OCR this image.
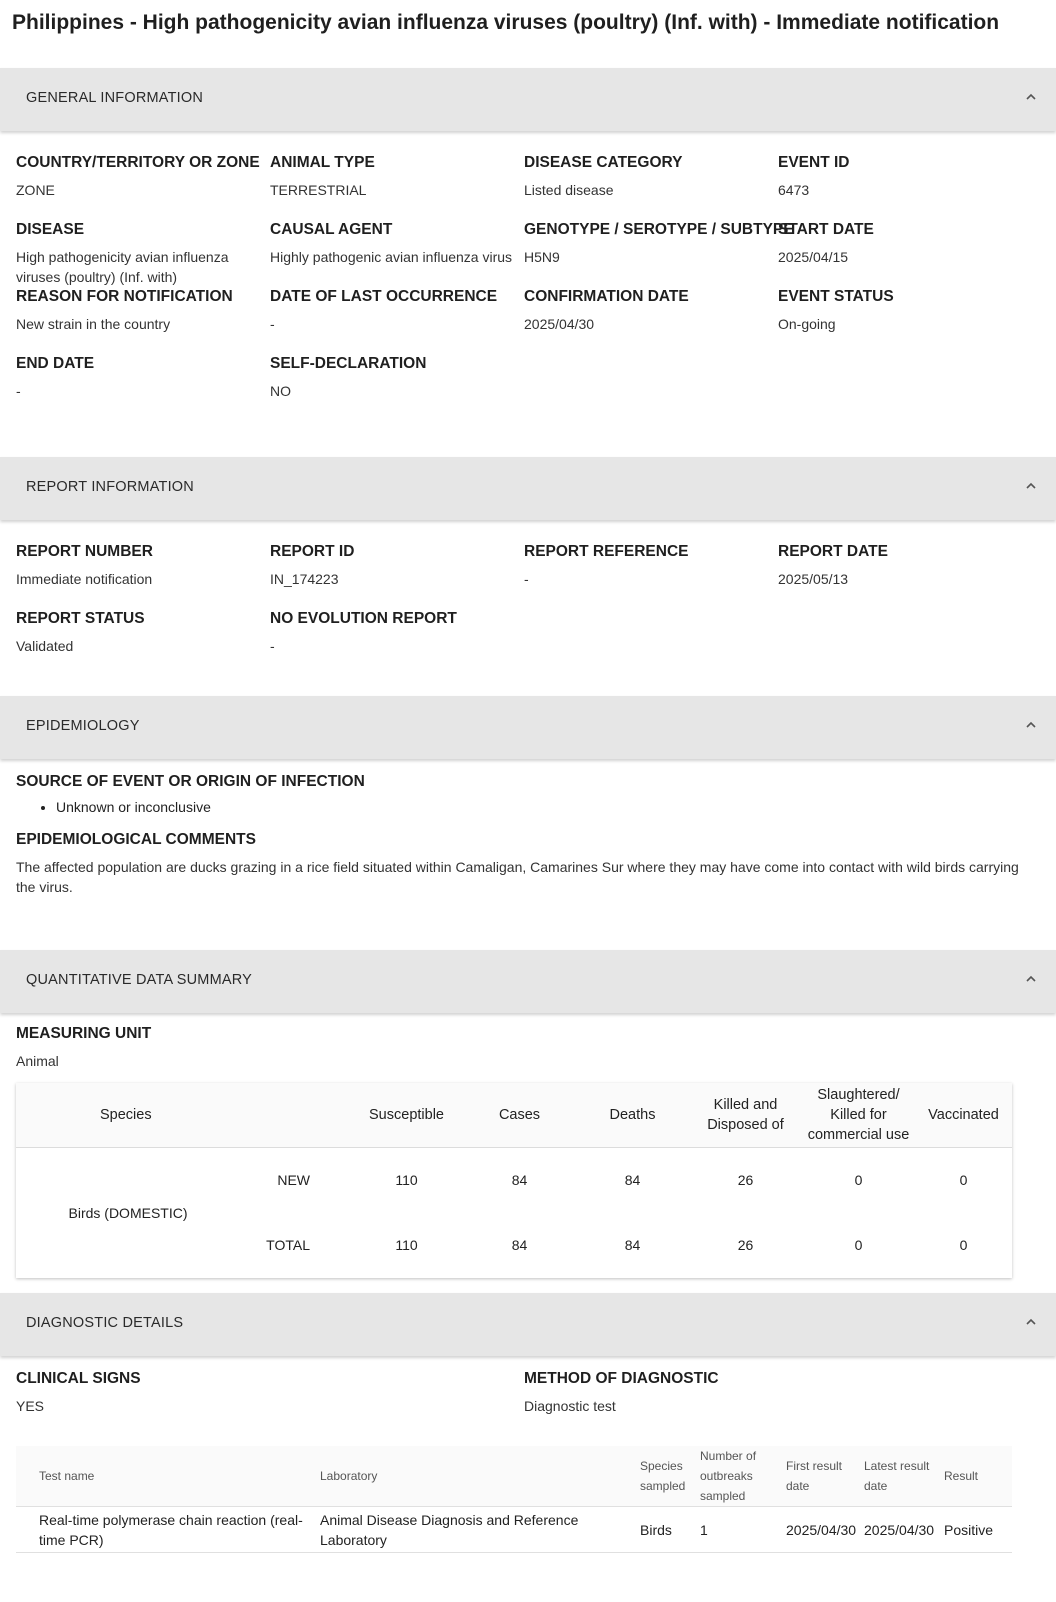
Philippines - High pathogenicity avian influenza viruses (poultry) (Inf. with) - Immediate notification
GENERAL INFORMATION
COUNTRY/TERRITORY OR ZONE
ZONE
ANIMAL TYPE
TERRESTRIAL
DISEASE CATEGORY
Listed disease
EVENT ID
6473
DISEASE
High pathogenicity avian influenza viruses (poultry) (Inf. with)
CAUSAL AGENT
Highly pathogenic avian influenza virus
GENOTYPE / SEROTYPE / SUBTYPE
H5N9
START DATE
2025/04/15
REASON FOR NOTIFICATION
New strain in the country
DATE OF LAST OCCURRENCE
-
CONFIRMATION DATE
2025/04/30
EVENT STATUS
On-going
END DATE
-
SELF-DECLARATION
NO
REPORT INFORMATION
REPORT NUMBER
Immediate notification
REPORT ID
IN_174223
REPORT REFERENCE
-
REPORT DATE
2025/05/13
REPORT STATUS
Validated
NO EVOLUTION REPORT
-
EPIDEMIOLOGY
SOURCE OF EVENT OR ORIGIN OF INFECTION
• Unknown or inconclusive
EPIDEMIOLOGICAL COMMENTS
The affected population are ducks grazing in a rice field situated within Camaligan, Camarines Sur where they may have come into contact with wild birds carrying the virus.
QUANTITATIVE DATA SUMMARY
MEASURING UNIT
Animal
Species		Susceptible	Cases	Deaths	Killed and Disposed of	Slaughtered/ Killed for commercial use	Vaccinated

Birds (DOMESTIC)	NEW	110	84	84	26	0	0
	TOTAL	110	84	84	26	0	0
DIAGNOSTIC DETAILS
CLINICAL SIGNS
YES
METHOD OF DIAGNOSTIC
Diagnostic test
Test name	Laboratory	Species sampled	Number of outbreaks sampled	First result date	Latest result date	Result
Real-time polymerase chain reaction (real-time PCR)	Animal Disease Diagnosis and Reference Laboratory	Birds	1	2025/04/30	2025/04/30	Positive
